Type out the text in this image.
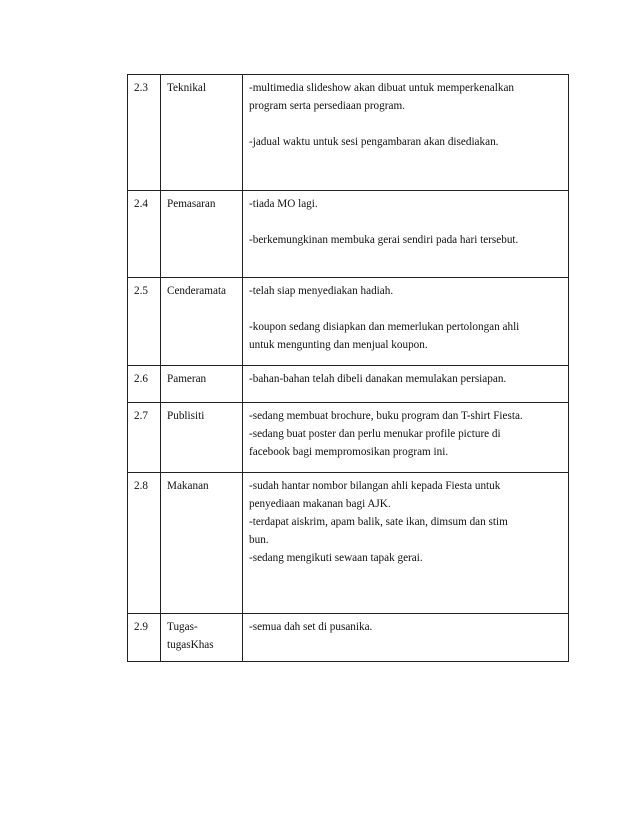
2.3	Teknikal	-multimedia slideshow akan dibuat untuk memperkenalkan
program serta persediaan program.
-jadual waktu untuk sesi pengambaran akan disediakan.

2.4	Pemasaran	-tiada MO lagi.
-berkemungkinan membuka gerai sendiri pada hari tersebut.

2.5	Cenderamata	-telah siap menyediakan hadiah.
-koupon sedang disiapkan dan memerlukan pertolongan ahli
untuk mengunting dan menjual koupon.

2.6	Pameran	-bahan-bahan telah dibeli danakan memulakan persiapan.

2.7	Publisiti	-sedang membuat brochure, buku program dan T-shirt Fiesta.
-sedang buat poster dan perlu menukar profile picture di
facebook bagi mempromosikan program ini.

2.8	Makanan	-sudah hantar nombor bilangan ahli kepada Fiesta untuk
penyediaan makanan bagi AJK.
-terdapat aiskrim, apam balik, sate ikan, dimsum dan stim
bun.
-sedang mengikuti sewaan tapak gerai.

2.9	Tugas-
tugasKhas	-semua dah set di pusanika.
